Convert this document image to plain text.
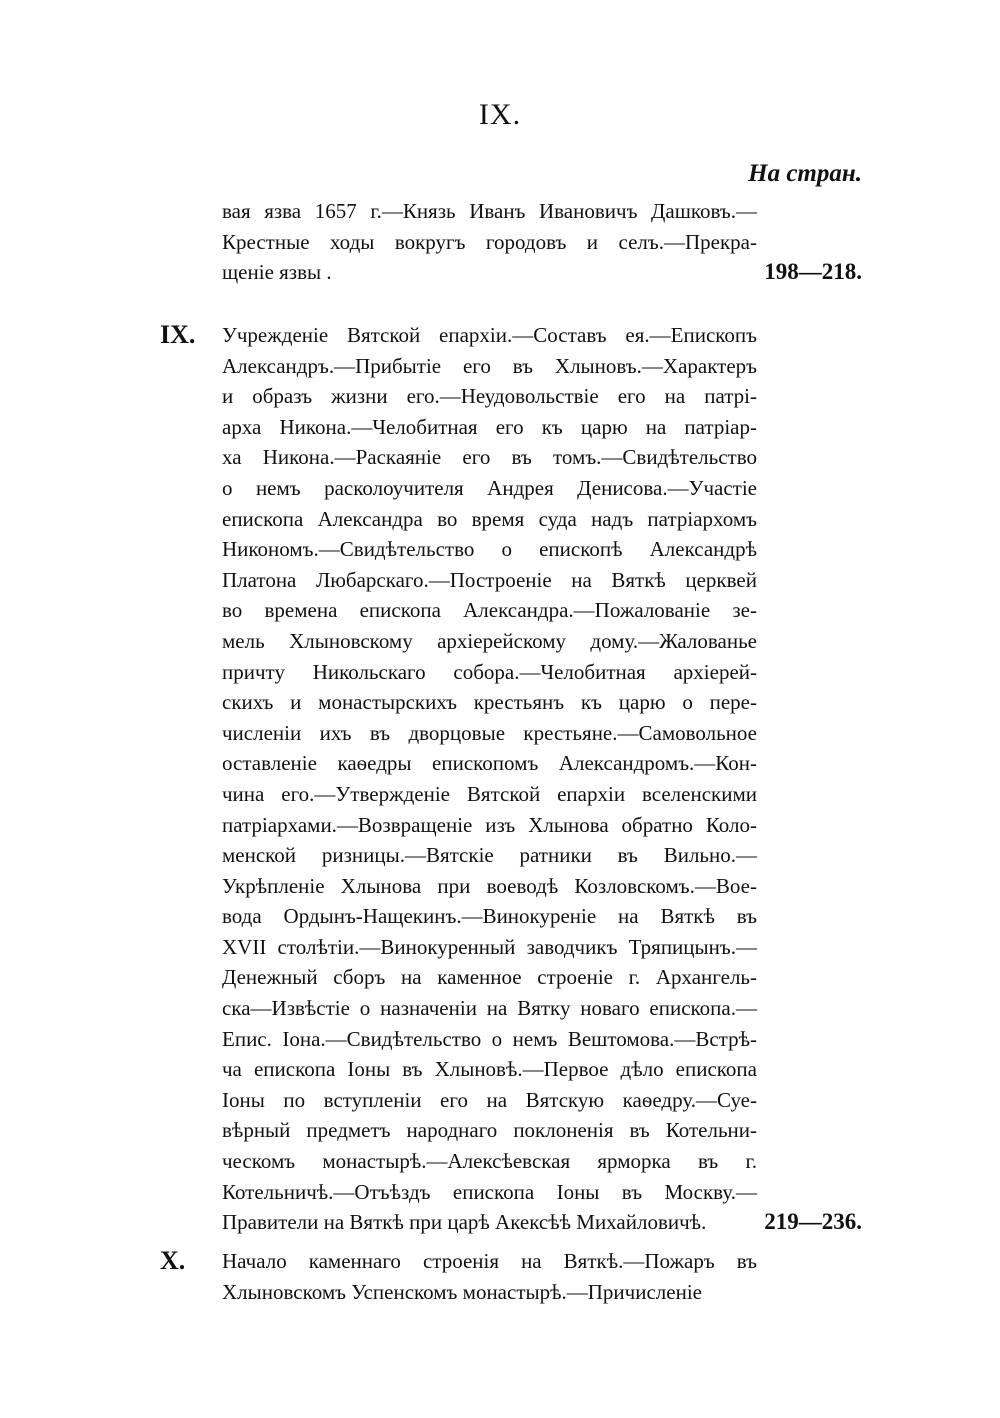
IX.
На стран.
вая язва 1657 г.—Князь Иванъ Ивановичъ Дашковъ.—
Крестные ходы вокругъ городовъ и селъ.—Прекра-
щеніе язвы .	198—218.
IX.	Учрежденіе Вятской епархіи.—Составъ ея.—Епископъ
Александръ.—Прибытіе его въ Хлыновъ.—Характеръ
и образъ жизни его.—Неудовольствіе его на патрі-
арха Никона.—Челобитная его къ царю на патріар-
ха Никона.—Раскаяніе его въ томъ.—Свидѣтельство
о немъ расколоучителя Андрея Денисова.—Участіе
епископа Александра во время суда надъ патріархомъ
Никономъ.—Свидѣтельство о епископѣ Александрѣ
Платона Любарскаго.—Построеніе на Вяткѣ церквей
во времена епископа Александра.—Пожалованіе зе-
мель Хлыновскому архіерейскому дому.—Жалованье
причту Никольскаго собора.—Челобитная архіерей-
скихъ и монастырскихъ крестьянъ къ царю о пере-
численіи ихъ въ дворцовые крестьяне.—Самовольное
оставленіе каѳедры епископомъ Александромъ.—Кон-
чина его.—Утвержденіе Вятской епархіи вселенскими
патріархами.—Возвращеніе изъ Хлынова обратно Коло-
менской ризницы.—Вятскіе ратники въ Вильно.—
Укрѣпленіе Хлынова при воеводѣ Козловскомъ.—Вое-
вода Ордынъ-Нащекинъ.—Винокуреніе на Вяткѣ въ
XVII столѣтіи.—Винокуренный заводчикъ Тряпицынъ.—
Денежный сборъ на каменное строеніе г. Архангель-
ска—Извѣстіе о назначеніи на Вятку новаго епископа.—
Епис. Іона.—Свидѣтельство о немъ Вештомова.—Встрѣ-
ча епископа Іоны въ Хлыновѣ.—Первое дѣло епископа
Іоны по вступленіи его на Вятскую каѳедру.—Суе-
вѣрный предметъ народнаго поклоненія въ Котельни-
ческомъ монастырѣ.—Алексѣевская ярморка въ г.
Котельничѣ.—Отъѣздъ епископа Іоны въ Москву.—
Правители на Вяткѣ при царѣ Акексѣѣ Михайловичѣ.	219—236.
X.	Начало каменнаго строенія на Вяткѣ.—Пожаръ въ
Хлыновскомъ Успенскомъ монастырѣ.—Причисленіе
